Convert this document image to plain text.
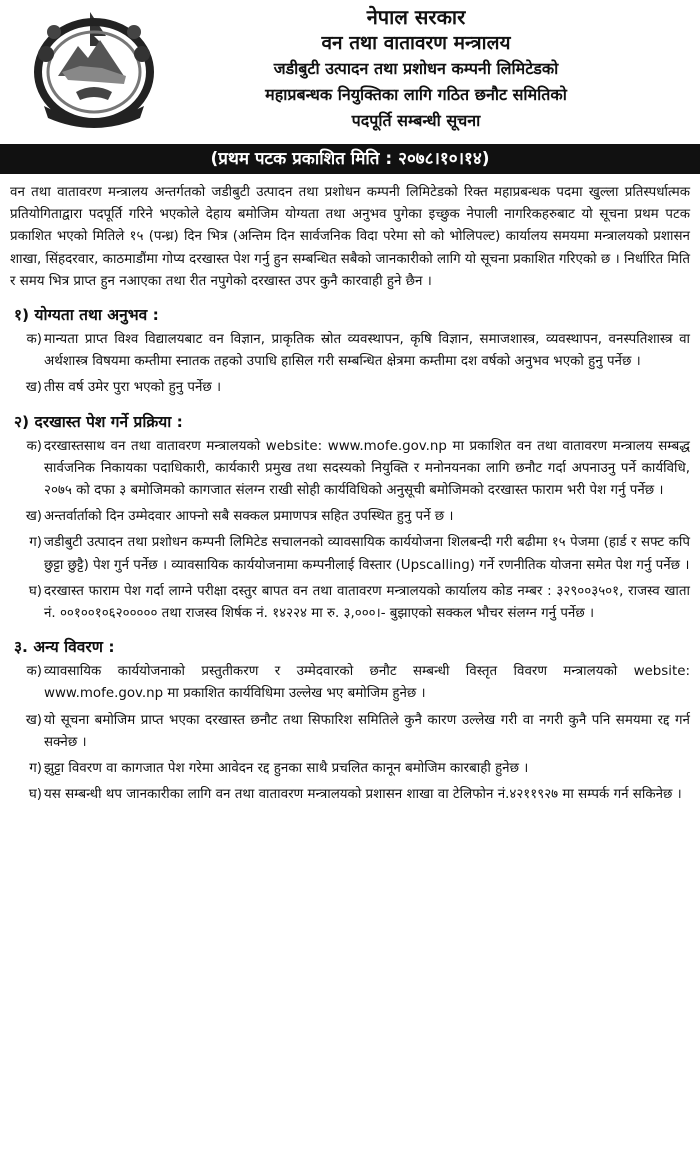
नेपाल सरकार
वन तथा वातावरण मन्त्रालय
जडीबुटी उत्पादन तथा प्रशोधन कम्पनी लिमिटेडको
महाप्रबन्धक नियुक्तिका लागि गठित छनौट समितिको
पदपूर्ति सम्बन्धी सूचना
(प्रथम पटक प्रकाशित मिति : २०७८।१०।१४)
वन तथा वातावरण मन्त्रालय अन्तर्गतको जडीबुटी उत्पादन तथा प्रशोधन कम्पनी लिमिटेडको रिक्त महाप्रबन्धक पदमा खुल्ला प्रतिस्पर्धात्मक प्रतियोगिताद्वारा पदपूर्ति गरिने भएकोले देहाय बमोजिम योग्यता तथा अनुभव पुगेका इच्छुक नेपाली नागरिकहरुबाट यो सूचना प्रथम पटक प्रकाशित भएको मितिले १५ (पन्ध्र) दिन भित्र (अन्तिम दिन सार्वजनिक विदा परेमा सो को भोलिपल्ट) कार्यालय समयमा मन्त्रालयको प्रशासन शाखा, सिंहदरवार, काठमाडौंमा गोप्य दरखास्त पेश गर्नु हुन सम्बन्धित सबैको जानकारीको लागि यो सूचना प्रकाशित गरिएको छ । निर्धारित मिति र समय भित्र प्राप्त हुन नआएका तथा रीत नपुगेको दरखास्त उपर कुनै कारवाही हुने छैन ।
१) योग्यता तथा अनुभव :
क) मान्यता प्राप्त विश्व विद्यालयबाट वन विज्ञान, प्राकृतिक स्रोत व्यवस्थापन, कृषि विज्ञान, समाजशास्त्र, व्यवस्थापन, वनस्पतिशास्त्र वा अर्थशास्त्र विषयमा कम्तीमा स्नातक तहको उपाधि हासिल गरी सम्बन्धित क्षेत्रमा कम्तीमा दश वर्षको अनुभव भएको हुनु पर्नेछ ।
ख) तीस वर्ष उमेर पुरा भएको हुनु पर्नेछ ।
२) दरखास्त पेश गर्ने प्रक्रिया :
क) दरखास्तसाथ वन तथा वातावरण मन्त्रालयको website: www.mofe.gov.np मा प्रकाशित वन तथा वातावरण मन्त्रालय सम्बद्ध सार्वजनिक निकायका पदाधिकारी, कार्यकारी प्रमुख तथा सदस्यको नियुक्ति र मनोनयनका लागि छनौट गर्दा अपनाउनु पर्ने कार्यविधि, २०७५ को दफा ३ बमोजिमको कागजात संलग्न राखी सोही कार्यविधिको अनुसूची बमोजिमको दरखास्त फाराम भरी पेश गर्नु पर्नेछ ।
ख) अन्तर्वार्ताको दिन उम्मेदवार आफ्नो सबै सक्कल प्रमाणपत्र सहित उपस्थित हुनु पर्ने छ ।
ग) जडीबुटी उत्पादन तथा प्रशोधन कम्पनी लिमिटेड सचालनको व्यावसायिक कार्ययोजना शिलबन्दी गरी बढीमा १५ पेजमा (हार्ड र सफ्ट कपि छुट्टा छुट्टै) पेश गुर्न पर्नेछ । व्यावसायिक कार्ययोजनामा कम्पनीलाई विस्तार (Upscalling) गर्ने रणनीतिक योजना समेत पेश गर्नु पर्नेछ ।
घ) दरखास्त फाराम पेश गर्दा लाग्ने परीक्षा दस्तुर बापत वन तथा वातावरण मन्त्रालयको कार्यालय कोड नम्बर : ३२९००३५०१, राजस्व खाता नं. ००१००१०६२००००० तथा राजस्व शिर्षक नं. १४२२४ मा रु. ३,०००।- बुझाएको सक्कल भौचर संलग्न गर्नु पर्नेछ ।
३. अन्य विवरण :
क) व्यावसायिक कार्ययोजनाको प्रस्तुतीकरण र उम्मेदवारको छनौट सम्बन्धी विस्तृत विवरण मन्त्रालयको website: www.mofe.gov.np मा प्रकाशित कार्यविधिमा उल्लेख भए बमोजिम हुनेछ ।
ख) यो सूचना बमोजिम प्राप्त भएका दरखास्त छनौट तथा सिफारिश समितिले कुनै कारण उल्लेख गरी वा नगरी कुनै पनि समयमा रद्द गर्न सक्नेछ ।
ग) झुट्टा विवरण वा कागजात पेश गरेमा आवेदन रद्द हुनका साथै प्रचलित कानून बमोजिम कारबाही हुनेछ ।
घ) यस सम्बन्धी थप जानकारीका लागि वन तथा वातावरण मन्त्रालयको प्रशासन शाखा वा टेलिफोन नं.४२११९२७ मा सम्पर्क गर्न सकिनेछ ।
